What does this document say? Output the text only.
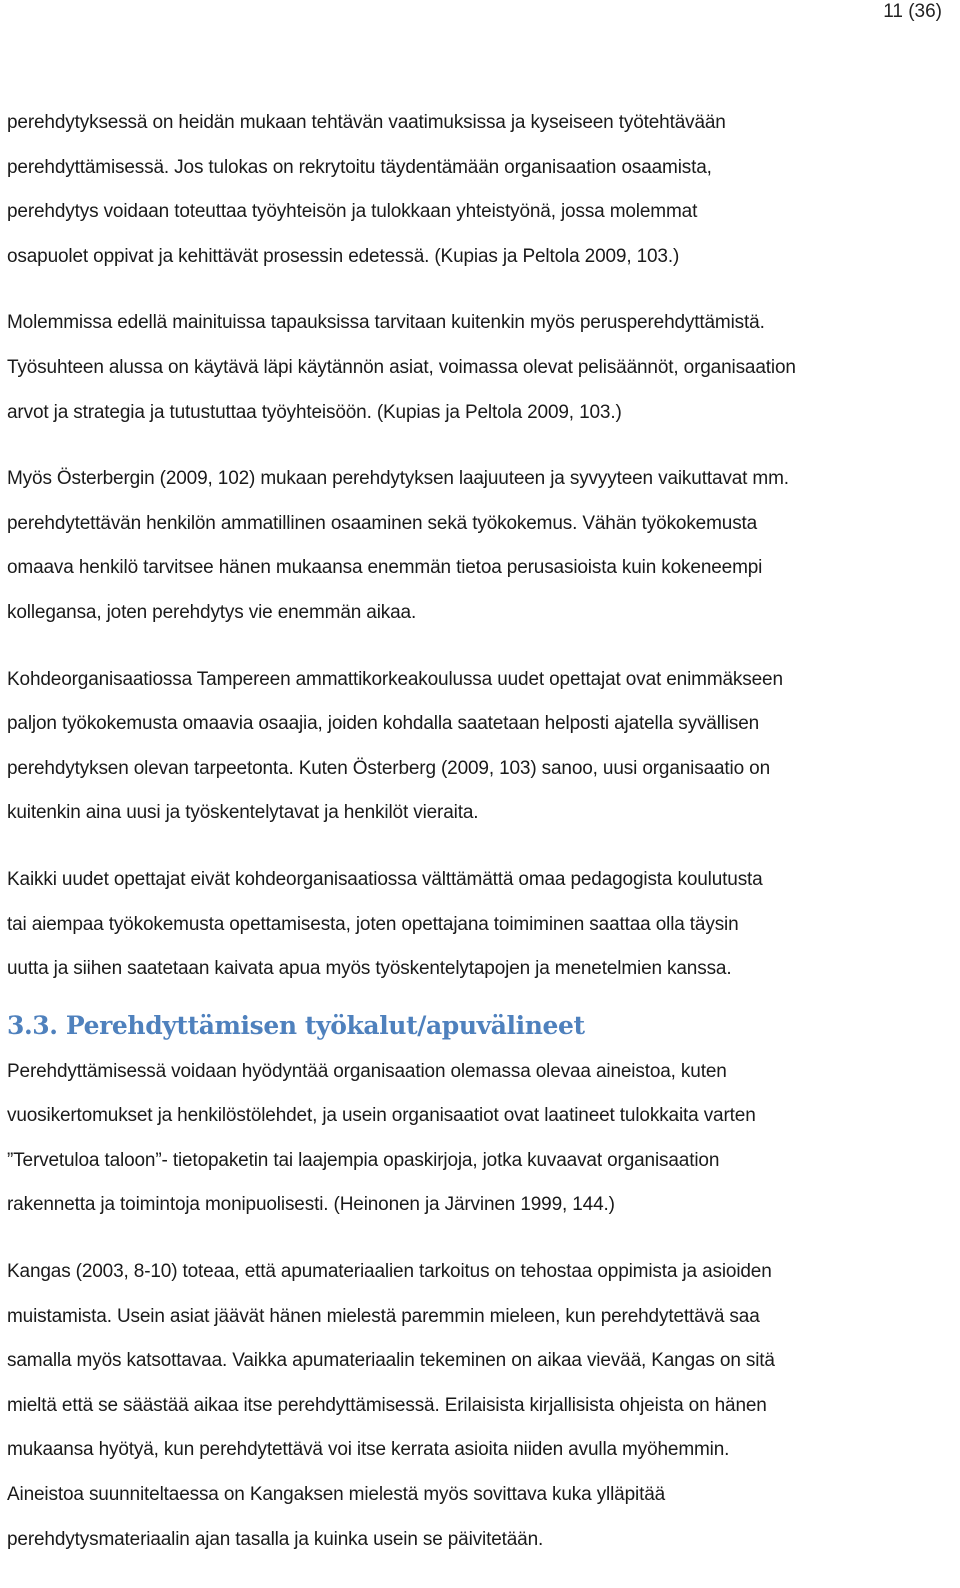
11 (36)

perehdytyksessä on heidän mukaan tehtävän vaatimuksissa ja kyseiseen työtehtävään
perehdyttämisessä. Jos tulokas on rekrytoitu täydentämään organisaation osaamista,
perehdytys voidaan toteuttaa työyhteisön ja tulokkaan yhteistyönä, jossa molemmat
osapuolet oppivat ja kehittävät prosessin edetessä. (Kupias ja Peltola 2009, 103.)

Molemmissa edellä mainituissa tapauksissa tarvitaan kuitenkin myös perusperehdyttämistä.
Työsuhteen alussa on käytävä läpi käytännön asiat, voimassa olevat pelisäännöt, organisaation
arvot ja strategia ja tutustuttaa työyhteisöön. (Kupias ja Peltola 2009, 103.)

Myös Österbergin (2009, 102) mukaan perehdytyksen laajuuteen ja syvyyteen vaikuttavat mm.
perehdytettävän henkilön ammatillinen osaaminen sekä työkokemus. Vähän työkokemusta
omaava henkilö tarvitsee hänen mukaansa enemmän tietoa perusasioista kuin kokeneempi
kollegansa, joten perehdytys vie enemmän aikaa.

Kohdeorganisaatiossa Tampereen ammattikorkeakoulussa uudet opettajat ovat enimmäkseen
paljon työkokemusta omaavia osaajia, joiden kohdalla saatetaan helposti ajatella syvällisen
perehdytyksen olevan tarpeetonta. Kuten Österberg (2009, 103) sanoo, uusi organisaatio on
kuitenkin aina uusi ja työskentelytavat ja henkilöt vieraita.

Kaikki uudet opettajat eivät kohdeorganisaatiossa välttämättä omaa pedagogista koulutusta
tai aiempaa työkokemusta opettamisesta, joten opettajana toimiminen saattaa olla täysin
uutta ja siihen saatetaan kaivata apua myös työskentelytapojen ja menetelmien kanssa.

3.3. Perehdyttämisen työkalut/apuvälineet

Perehdyttämisessä voidaan hyödyntää organisaation olemassa olevaa aineistoa, kuten
vuosikertomukset ja henkilöstölehdet, ja usein organisaatiot ovat laatineet tulokkaita varten
”Tervetuloa taloon”- tietopaketin tai laajempia opaskirjoja, jotka kuvaavat organisaation
rakennetta ja toimintoja monipuolisesti. (Heinonen ja Järvinen 1999, 144.)

Kangas (2003, 8-10) toteaa, että apumateriaalien tarkoitus on tehostaa oppimista ja asioiden
muistamista. Usein asiat jäävät hänen mielestä paremmin mieleen, kun perehdytettävä saa
samalla myös katsottavaa. Vaikka apumateriaalin tekeminen on aikaa vievää, Kangas on sitä
mieltä että se säästää aikaa itse perehdyttämisessä. Erilaisista kirjallisista ohjeista on hänen
mukaansa hyötyä, kun perehdytettävä voi itse kerrata asioita niiden avulla myöhemmin.
Aineistoa suunniteltaessa on Kangaksen mielestä myös sovittava kuka ylläpitää
perehdytysmateriaalin ajan tasalla ja kuinka usein se päivitetään.
